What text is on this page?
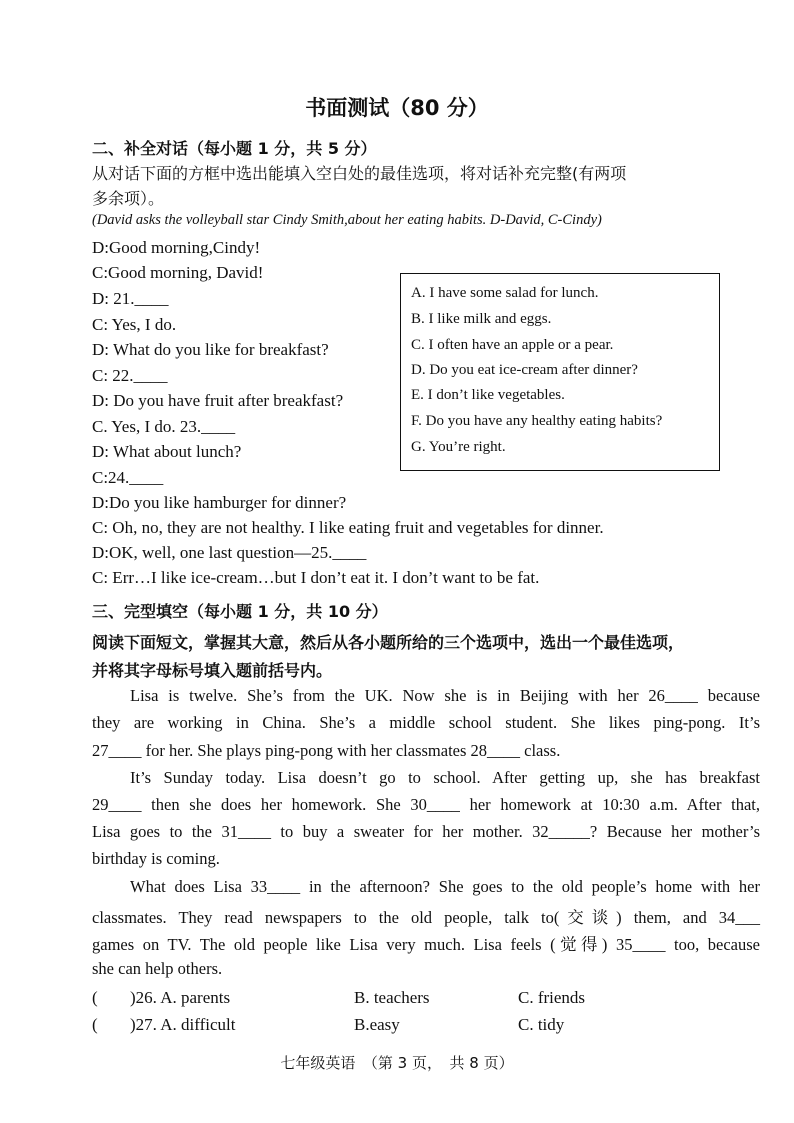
书面测试（80 分）
二、补全对话（每小题 1 分，共 5 分）
从对话下面的方框中选出能填入空白处的最佳选项，将对话补充完整(有两项
多余项）。
(David asks the volleyball star Cindy Smith,about her eating habits. D-David, C-Cindy)
D:Good morning,Cindy!
C:Good morning, David!
D: 21.____
C: Yes, I do.
D: What do you like for breakfast?
C: 22.____
D: Do you have fruit after breakfast?
C. Yes, I do. 23.____
D: What about lunch?
C:24.____
D:Do you like hamburger for dinner?
C: Oh, no, they are not healthy. I like eating fruit and vegetables for dinner.
D:OK, well, one last question—25.____
C: Err…I like ice-cream…but I don’t eat it. I don’t want to be fat.
A. I have some salad for lunch.
B. I like milk and eggs.
C. I often have an apple or a pear.
D. Do you eat ice-cream after dinner?
E. I don’t like vegetables.
F. Do you have any healthy eating habits?
G. You’re right.
三、完型填空（每小题 1 分，共 10 分）
阅读下面短文，掌握其大意，然后从各小题所给的三个选项中，选出一个最佳选项，
并将其字母标号填入题前括号内。
Lisa is twelve. She’s from the UK. Now she is in Beijing with her 26____ because
they are working in China. She’s a middle school student. She likes ping-pong. It’s
27____ for her. She plays ping-pong with her classmates 28____ class.
It’s Sunday today. Lisa doesn’t go to school. After getting up, she has breakfast
29____ then she does her homework. She 30____ her homework at 10:30 a.m. After that,
Lisa goes to the 31____ to buy a sweater for her mother. 32_____? Because her mother’s
birthday is coming.
What does Lisa 33____ in the afternoon? She goes to the old people’s home with her
classmates. They read newspapers to the old people, talk to(交谈) them, and 34___
games on TV. The old people like Lisa very much. Lisa feels (觉得) 35____ too, because
she can help others.
( )26. A. parents	B. teachers	C. friends
( )27. A. difficult	B.easy	C. tidy
七年级英语　（第 3 页，　共 8 页）
